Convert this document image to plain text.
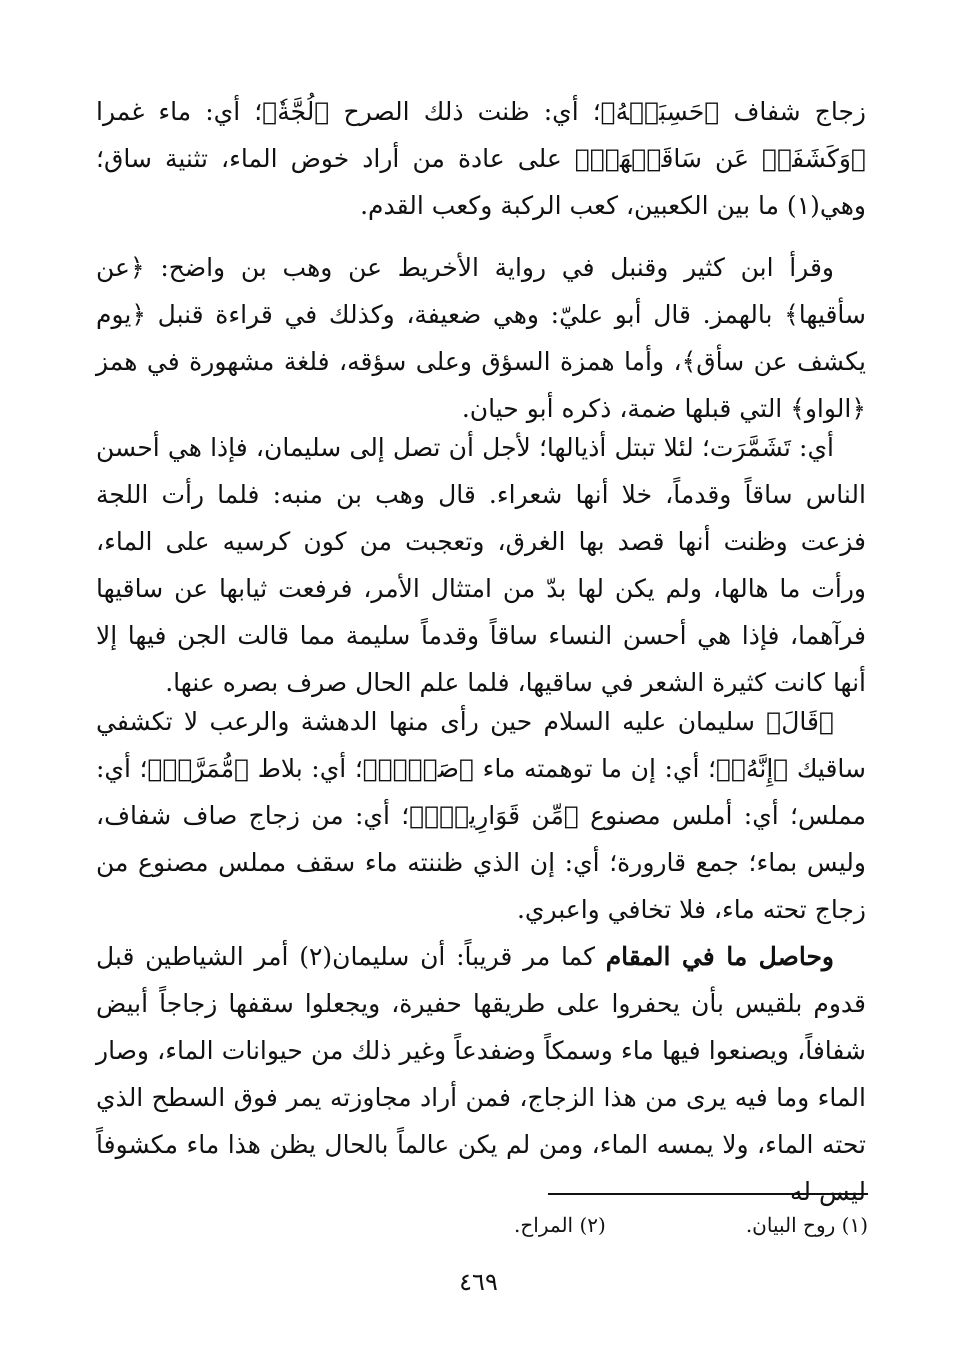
زجاج شفاف ﴿حَسِبَتۡهُ﴾؛ أي: ظنت ذلك الصرح ﴿لُجَّةٗ﴾؛ أي: ماء غمرا ﴿وَكَشَفَتۡ عَن سَاقَيۡهَاۚ﴾ على عادة من أراد خوض الماء، تثنية ساق؛ وهي(١) ما بين الكعبين، كعب الركبة وكعب القدم.

وقرأ ابن كثير وقنبل في رواية الأخريط عن وهب بن واضح: ﴿عن سأقيها﴾ بالهمز. قال أبو عليّ: وهي ضعيفة، وكذلك في قراءة قنبل ﴿يوم يكشف عن سأق﴾، وأما همزة السؤق وعلى سؤقه، فلغة مشهورة في همز ﴿الواو﴾ التي قبلها ضمة، ذكره أبو حيان.

أي: تَشَمَّرَت؛ لئلا تبتل أذيالها؛ لأجل أن تصل إلى سليمان، فإذا هي أحسن الناس ساقاً وقدماً، خلا أنها شعراء. قال وهب بن منبه: فلما رأت اللجة فزعت وظنت أنها قصد بها الغرق، وتعجبت من كون كرسيه على الماء، ورأت ما هالها، ولم يكن لها بدّ من امتثال الأمر، فرفعت ثيابها عن ساقيها فرآهما، فإذا هي أحسن النساء ساقاً وقدماً سليمة مما قالت الجن فيها إلا أنها كانت كثيرة الشعر في ساقيها، فلما علم الحال صرف بصره عنها.

﴿قَالَ﴾ سليمان عليه السلام حين رأى منها الدهشة والرعب لا تكشفي ساقيك ﴿إِنَّهُۥ﴾؛ أي: إن ما توهمته ماء ﴿صَرۡحٞ﴾؛ أي: بلاط ﴿مُّمَرَّدٞ﴾؛ أي: مملس؛ أي: أملس مصنوع ﴿مِّن قَوَارِيرَۗ﴾؛ أي: من زجاج صاف شفاف، وليس بماء؛ جمع قارورة؛ أي: إن الذي ظننته ماء سقف مملس مصنوع من زجاج تحته ماء، فلا تخافي واعبري.

وحاصل ما في المقام كما مر قريباً: أن سليمان(٢) أمر الشياطين قبل قدوم بلقيس بأن يحفروا على طريقها حفيرة، ويجعلوا سقفها زجاجاً أبيض شفافاً، ويصنعوا فيها ماء وسمكاً وضفدعاً وغير ذلك من حيوانات الماء، وصار الماء وما فيه يرى من هذا الزجاج، فمن أراد مجاوزته يمر فوق السطح الذي تحته الماء، ولا يمسه الماء، ومن لم يكن عالماً بالحال يظن هذا ماء مكشوفاً ليس له

(١) روح البيان.
(٢) المراح.
٤٦٩
